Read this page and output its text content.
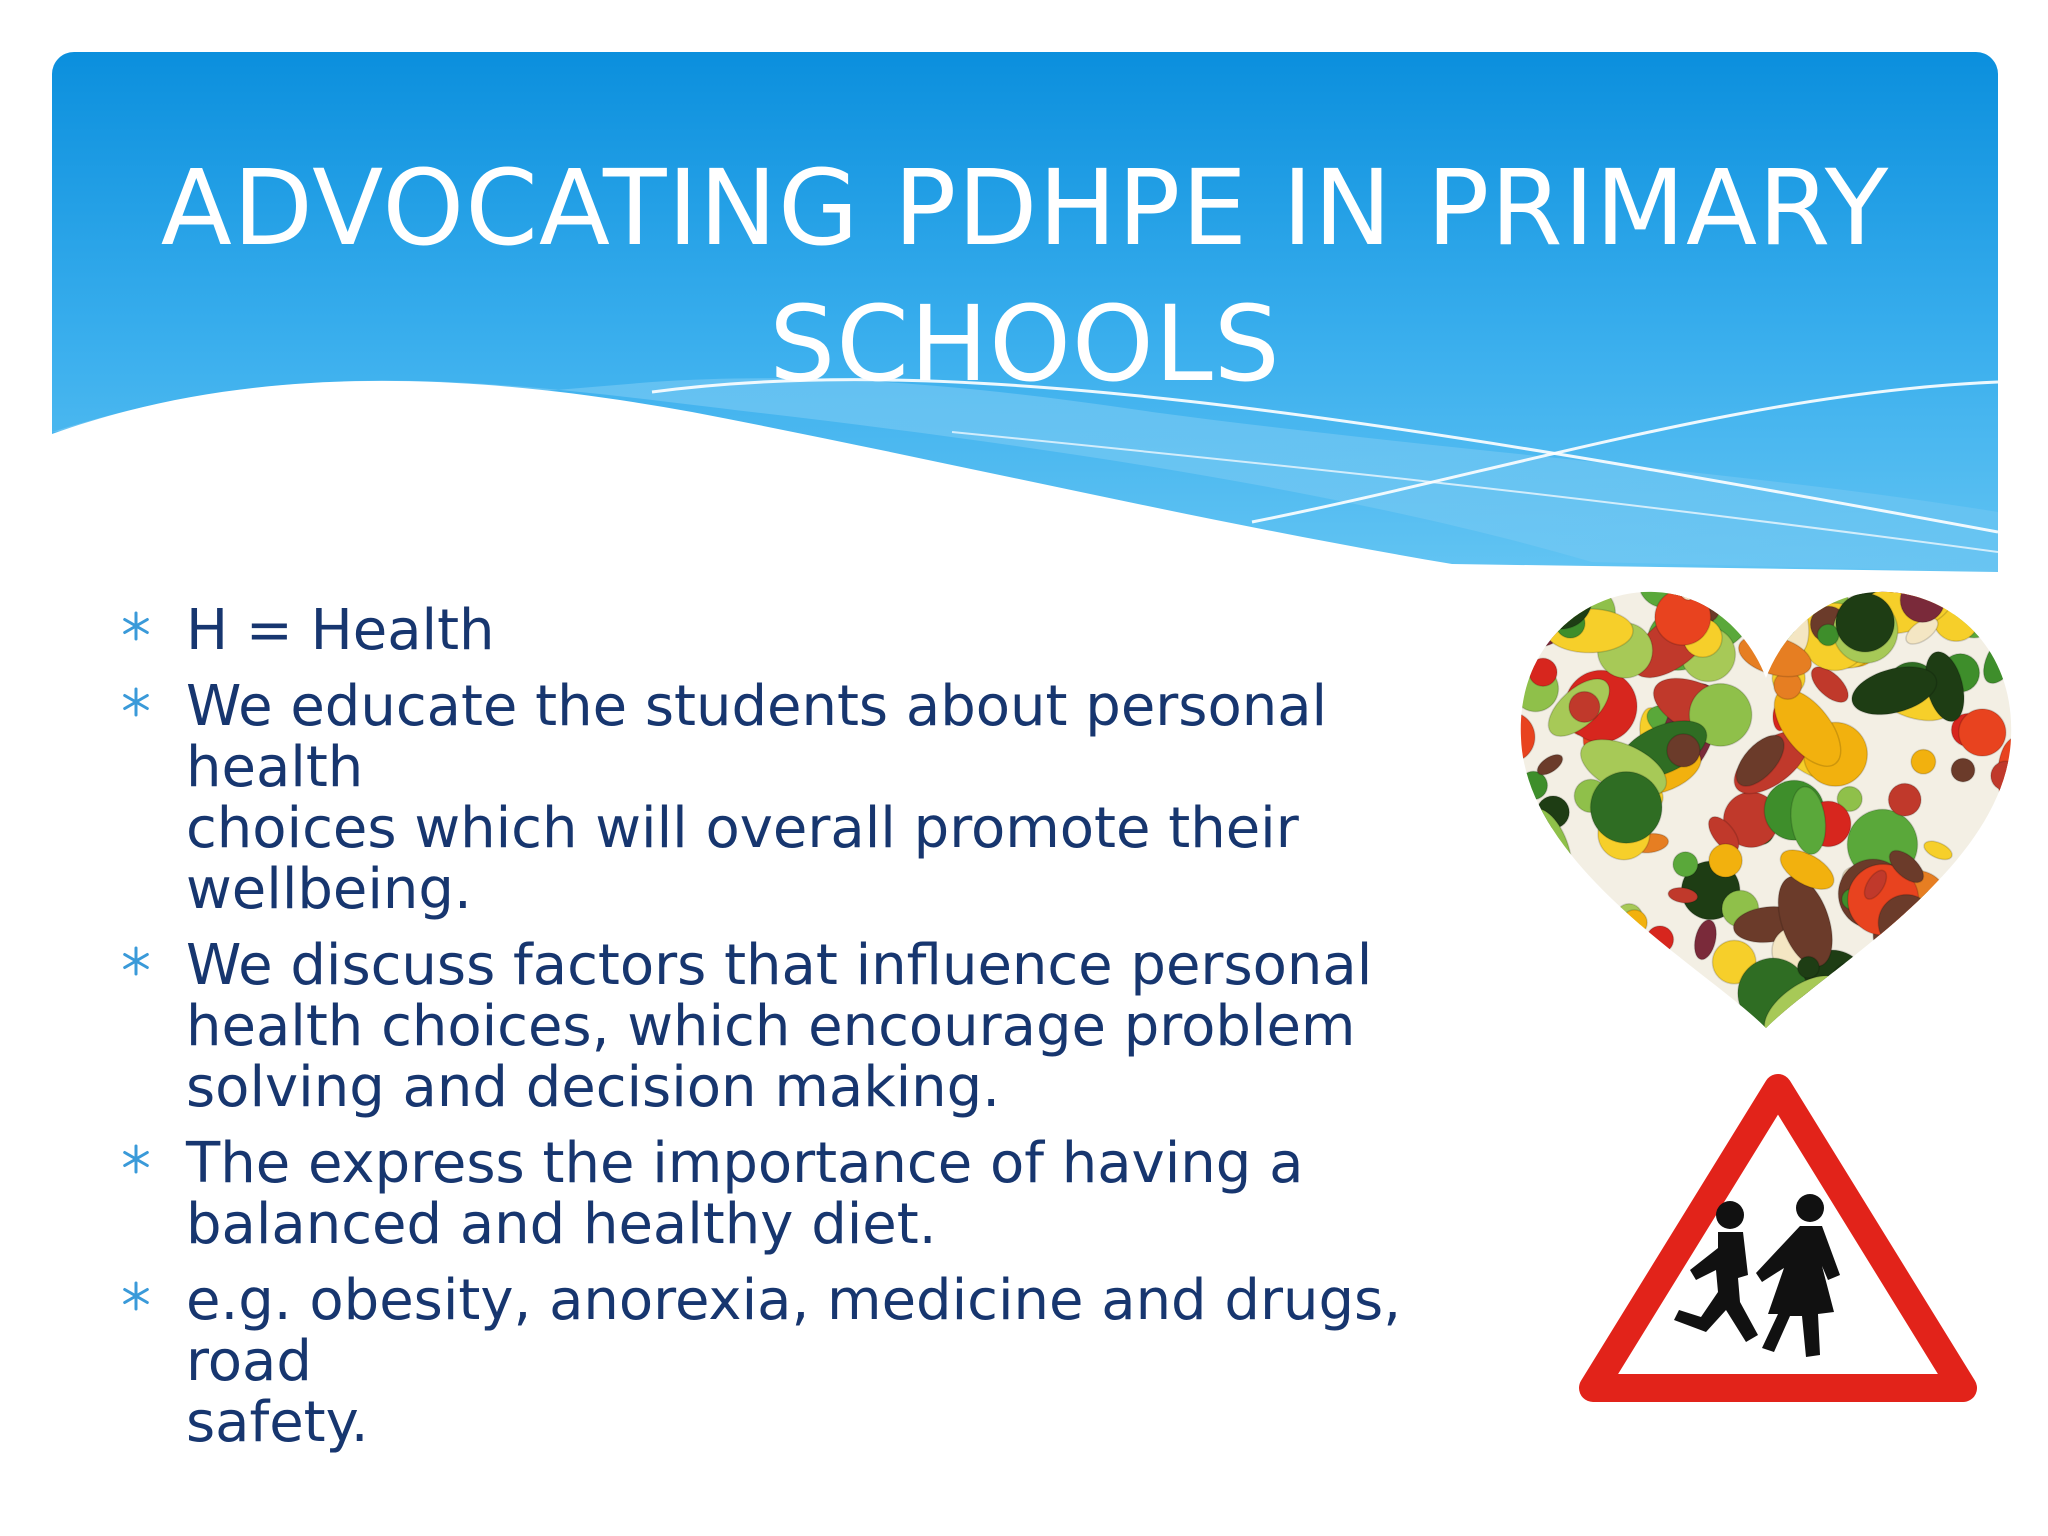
ADVOCATING PDHPE IN PRIMARY
SCHOOLS
H = Health
We educate the students about personal health
choices which will overall promote their
wellbeing.
We discuss factors that influence personal
health choices, which encourage problem
solving and decision making.
The express the importance of having a
balanced and healthy diet.
e.g. obesity, anorexia, medicine and drugs, road
safety.
